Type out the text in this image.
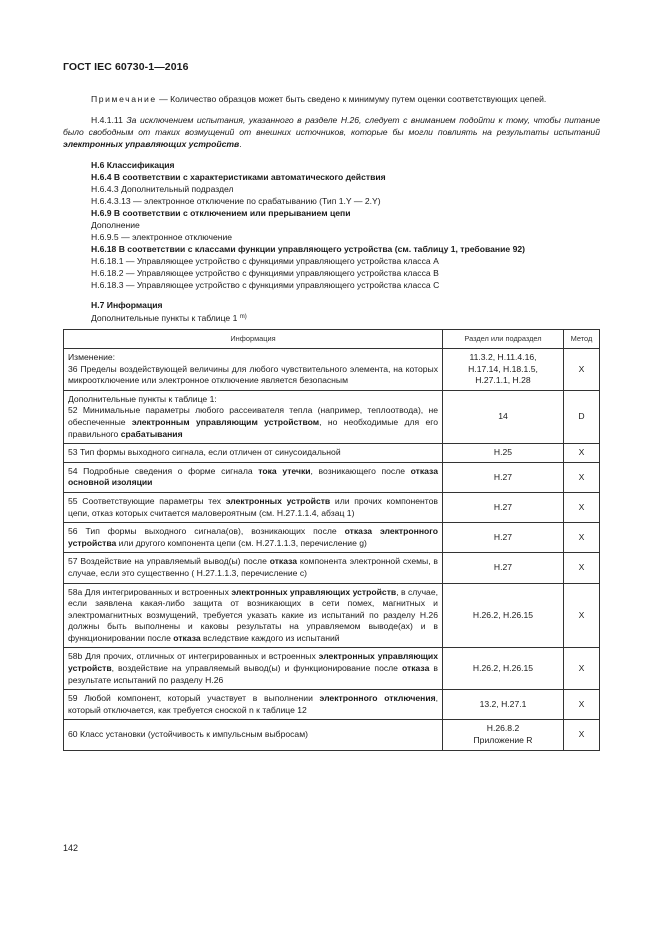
ГОСТ IEC 60730-1—2016

Примечание — Количество образцов может быть сведено к минимуму путем оценки соответствующих цепей.

H.4.1.11 За исключением испытания, указанного в разделе H.26, следует с вниманием подойти к тому, чтобы питание было свободным от таких возмущений от внешних источников, которые бы могли повлиять на результаты испытаний электронных управляющих устройств.

H.6 Классификация
H.6.4 В соответствии с характеристиками автоматического действия
H.6.4.3 Дополнительный подраздел
H.6.4.3.13 — электронное отключение по срабатыванию (Тип 1.Y — 2.Y)
H.6.9 В соответствии с отключением или прерыванием цепи
Дополнение
H.6.9.5 — электронное отключение
H.6.18 В соответствии с классами функции управляющего устройства (см. таблицу 1, требование 92)
H.6.18.1 — Управляющее устройство с функциями управляющего устройства класса A
H.6.18.2 — Управляющее устройство с функциями управляющего устройства класса B
H.6.18.3 — Управляющее устройство с функциями управляющего устройства класса C
H.7 Информация
Дополнительные пункты к таблице 1 $^{m)}$
Информация	Раздел или подраздел	Метод

Изменение:
36 Пределы воздействующей величины для любого чувствительного элемента, на которых микроотключение или электронное отключение является безопасным	11.3.2, H.11.4.16,
H.17.14, H.18.1.5,
H.27.1.1, H.28	X

Дополнительные пункты к таблице 1:
52 Минимальные параметры любого рассеивателя тепла (например, теплоотвода), не обеспеченные электронным управляющим устройством, но необходимые для его правильного срабатывания	14	D
53 Тип формы выходного сигнала, если отличен от синусоидальной	H.25	X
54 Подробные сведения о форме сигнала тока утечки, возникающего после отказа основной изоляции	H.27	X
55 Соответствующие параметры тех электронных устройств или прочих компонентов цепи, отказ которых считается маловероятным (см. H.27.1.1.4, абзац 1)	H.27	X
56 Тип формы выходного сигнала(ов), возникающих после отказа электронного устройства или другого компонента цепи (см. H.27.1.1.3, перечисление g)	H.27	X
57 Воздействие на управляемый вывод(ы) после отказа компонента электронной схемы, в случае, если это существенно ( H.27.1.1.3, перечисление c)	H.27	X
58a Для интегрированных и встроенных электронных управляющих устройств, в случае, если заявлена какая-либо защита от возникающих в сети помех, магнитных и электромагнитных возмущений, требуется указать какие из испытаний по разделу H.26 должны быть выполнены и каковы результаты на управляемом выводе(ах) и в функционировании после отказа вследствие каждого из испытаний	H.26.2, H.26.15	X
58b Для прочих, отличных от интегрированных и встроенных электронных управляющих устройств, воздействие на управляемый вывод(ы) и функционирование после отказа в результате испытаний по разделу H.26	H.26.2, H.26.15	X
59 Любой компонент, который участвует в выполнении электронного отключения, который отключается, как требуется сноской n к таблице 12	13.2, H.27.1	X
60 Класс установки (устойчивость к импульсным выбросам)	H.26.8.2
Приложение R	X
142
